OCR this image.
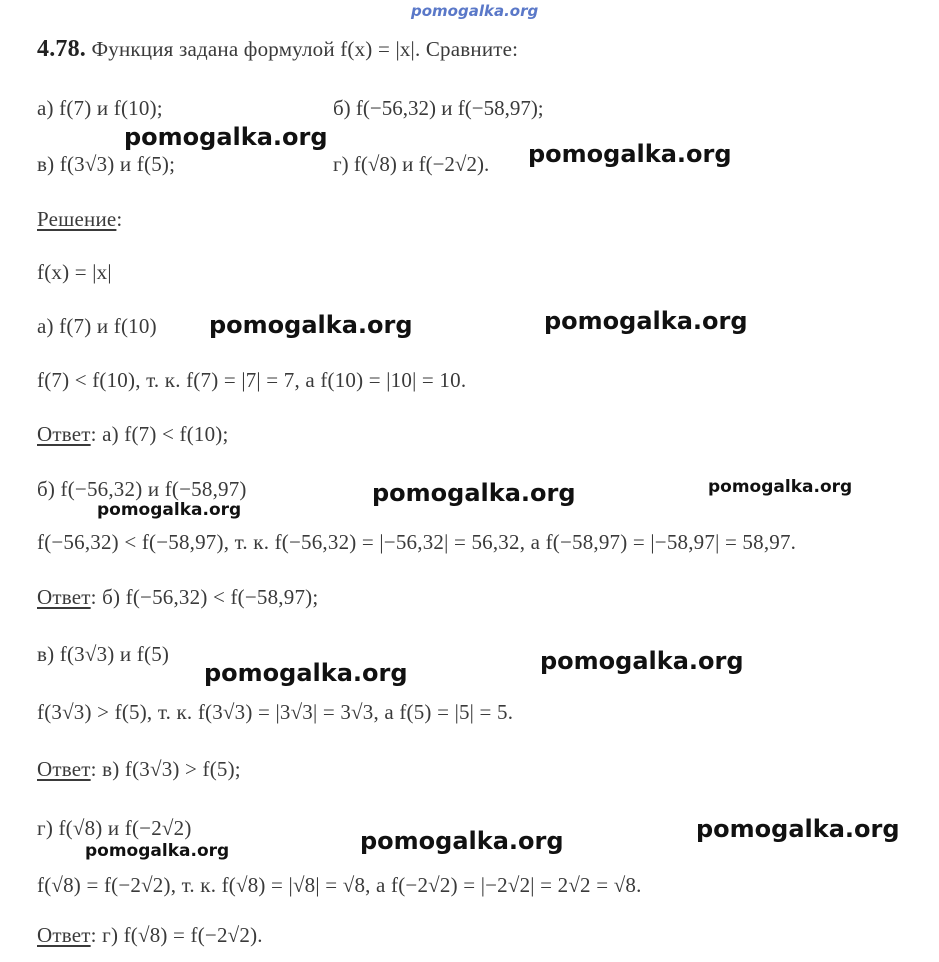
pomogalka.org
4.78. Функция задана формулой f(x) = |x|. Сравните:
а) f(7) и f(10);	б) f(−56,32) и f(−58,97);
в) f(3√3) и f(5);	г) f(√8) и f(−2√2).
Решение:
f(x) = |x|
а) f(7) и f(10)
f(7) < f(10), т. к. f(7) = |7| = 7, а f(10) = |10| = 10.
Ответ: а) f(7) < f(10);
б) f(−56,32) и f(−58,97)
f(−56,32) < f(−58,97), т. к. f(−56,32) = |−56,32| = 56,32, а f(−58,97) = |−58,97| = 58,97.
Ответ: б) f(−56,32) < f(−58,97);
в) f(3√3) и f(5)
f(3√3) > f(5), т. к. f(3√3) = |3√3| = 3√3, а f(5) = |5| = 5.
Ответ: в) f(3√3) > f(5);
г) f(√8) и f(−2√2)
f(√8) = f(−2√2), т. к. f(√8) = |√8| = √8, а f(−2√2) = |−2√2| = 2√2 = √8.
Ответ: г) f(√8) = f(−2√2).
pomogalka.org
pomogalka.org
pomogalka.org	pomogalka.org
pomogalka.org	pomogalka.org
pomogalka.org
pomogalka.org	pomogalka.org
pomogalka.org
pomogalka.org
pomogalka.org
